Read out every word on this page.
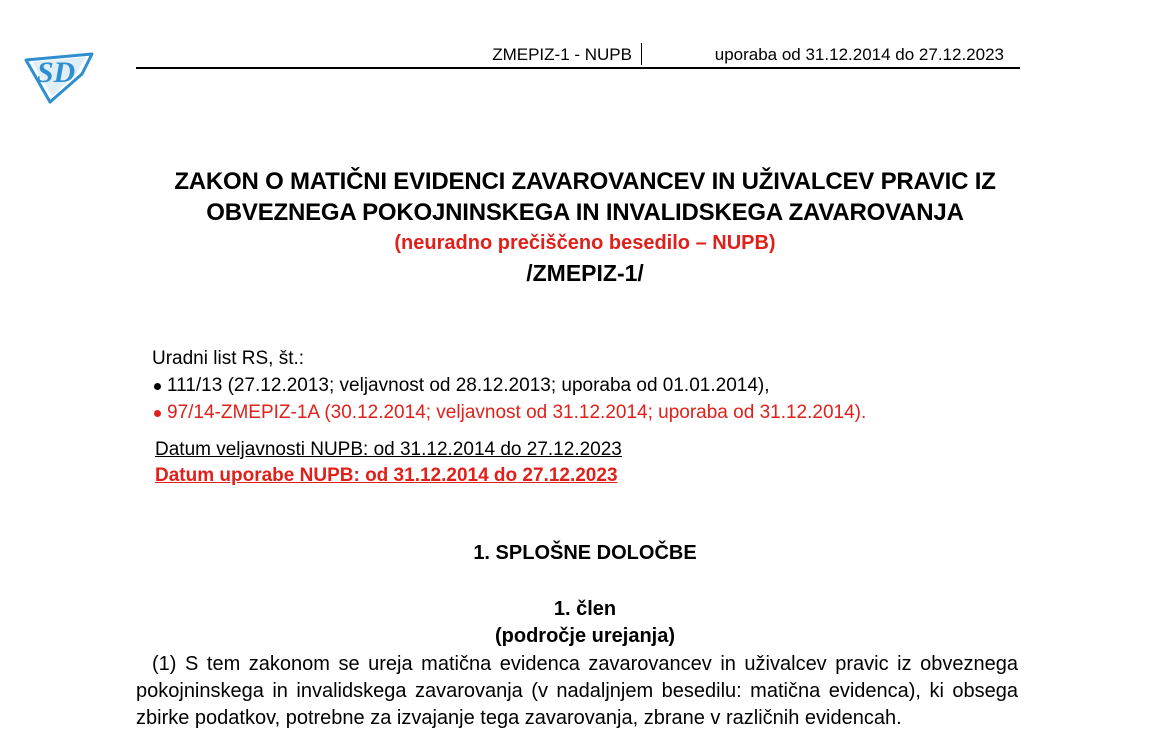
SD
ZMEPIZ-1 - NUPB	uporaba od 31.12.2014 do 27.12.2023
ZAKON O MATIČNI EVIDENCI ZAVAROVANCEV IN UŽIVALCEV PRAVIC IZ OBVEZNEGA POKOJNINSKEGA IN INVALIDSKEGA ZAVAROVANJA
(neuradno prečiščeno besedilo – NUPB)
/ZMEPIZ-1/
Uradni list RS, št.:
111/13 (27.12.2013; veljavnost od 28.12.2013; uporaba od 01.01.2014),
97/14-ZMEPIZ-1A (30.12.2014; veljavnost od 31.12.2014; uporaba od 31.12.2014).
Datum veljavnosti NUPB: od 31.12.2014 do 27.12.2023
Datum uporabe NUPB: od 31.12.2014 do 27.12.2023
1. SPLOŠNE DOLOČBE
1. člen
(področje urejanja)
(1) S tem zakonom se ureja matična evidenca zavarovancev in uživalcev pravic iz obveznega pokojninskega in invalidskega zavarovanja (v nadaljnjem besedilu: matična evidenca), ki obsega zbirke podatkov, potrebne za izvajanje tega zavarovanja, zbrane v različnih evidencah.
